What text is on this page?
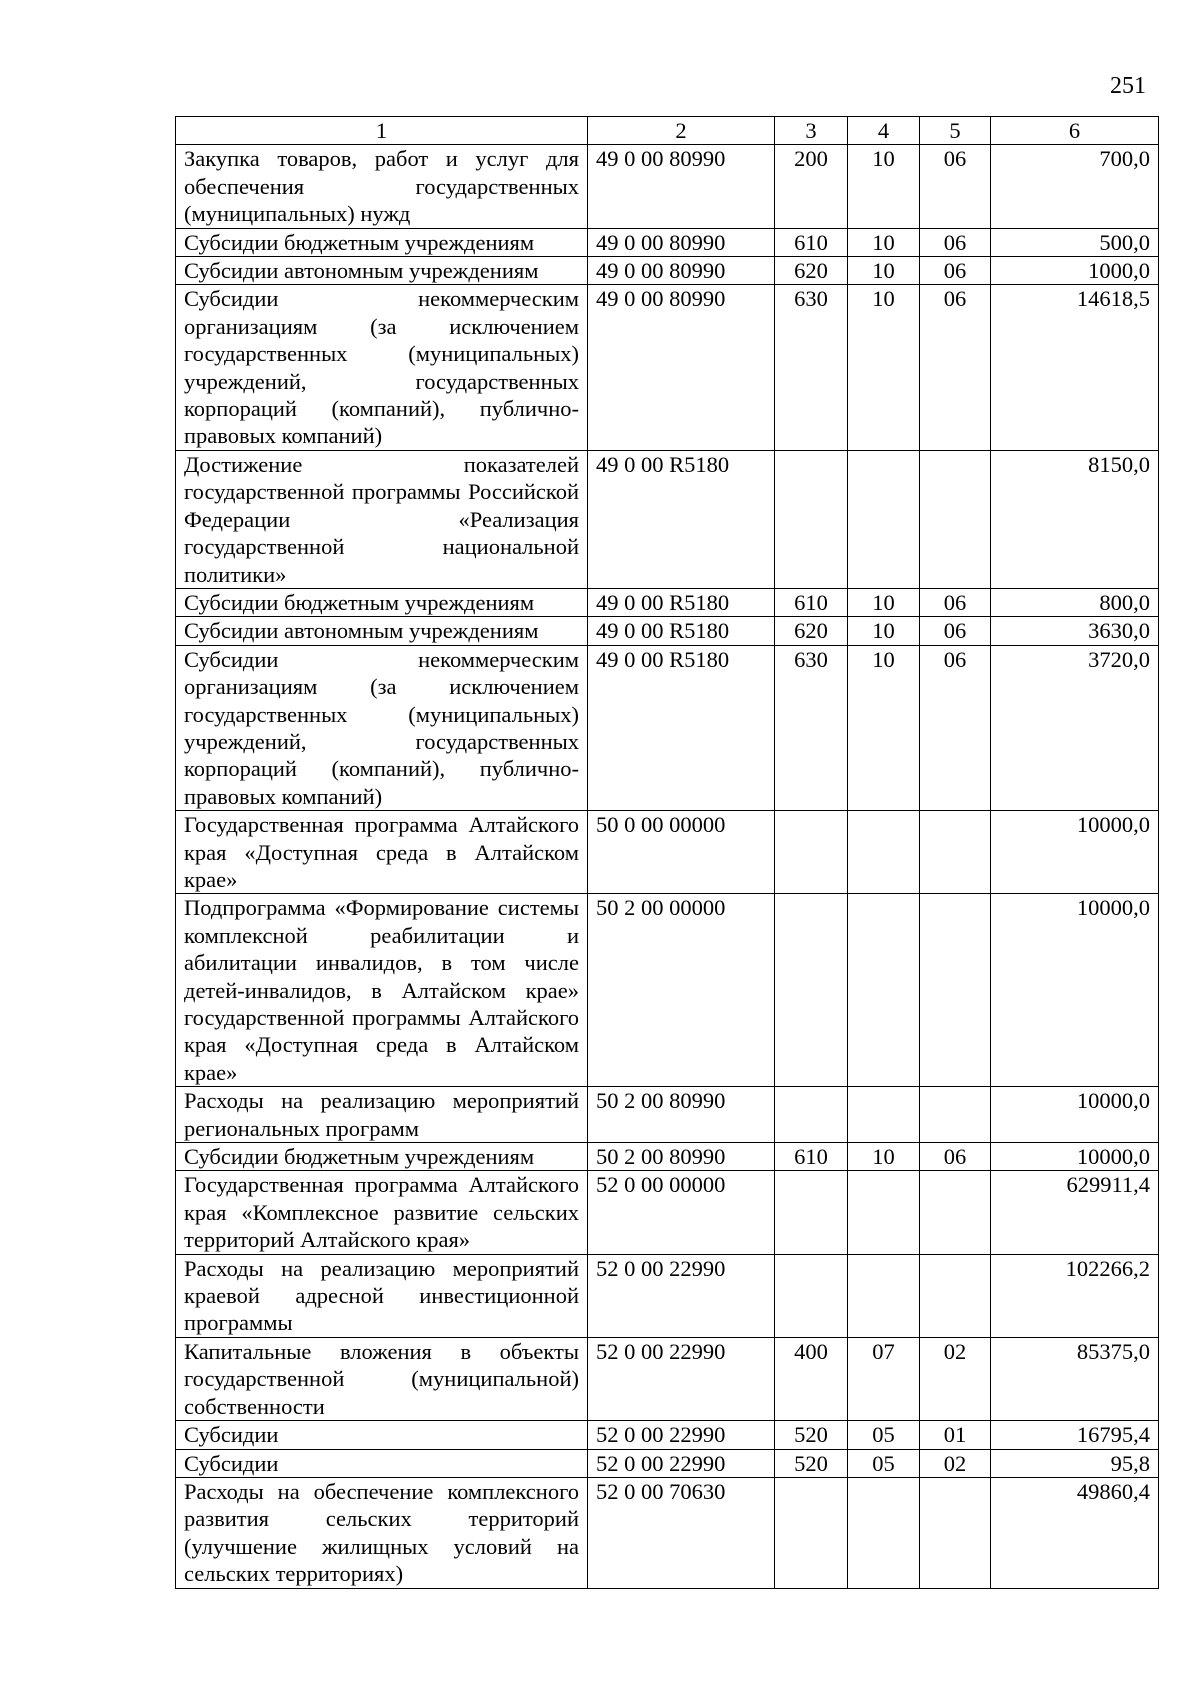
251
1	2	3	4	5	6
Закупка товаров, работ и услуг для обеспечения государственных (муниципальных) нужд	49 0 00 80990	200	10	06	700,0
Субсидии бюджетным учреждениям	49 0 00 80990	610	10	06	500,0
Субсидии автономным учреждениям	49 0 00 80990	620	10	06	1000,0
Субсидии некоммерческим организациям (за исключением государственных (муниципальных) учреждений, государственных корпораций (компаний), публично-правовых компаний)	49 0 00 80990	630	10	06	14618,5
Достижение показателей государственной программы Российской Федерации «Реализация государственной национальной политики»	49 0 00 R5180				8150,0
Субсидии бюджетным учреждениям	49 0 00 R5180	610	10	06	800,0
Субсидии автономным учреждениям	49 0 00 R5180	620	10	06	3630,0
Субсидии некоммерческим организациям (за исключением государственных (муниципальных) учреждений, государственных корпораций (компаний), публично-правовых компаний)	49 0 00 R5180	630	10	06	3720,0
Государственная программа Алтайского края «Доступная среда в Алтайском крае»	50 0 00 00000				10000,0
Подпрограмма «Формирование системы комплексной реабилитации и абилитации инвалидов, в том числе детей-инвалидов, в Алтайском крае» государственной программы Алтайского края «Доступная среда в Алтайском крае»	50 2 00 00000				10000,0
Расходы на реализацию мероприятий региональных программ	50 2 00 80990				10000,0
Субсидии бюджетным учреждениям	50 2 00 80990	610	10	06	10000,0
Государственная программа Алтайского края «Комплексное развитие сельских территорий Алтайского края»	52 0 00 00000				629911,4
Расходы на реализацию мероприятий краевой адресной инвестиционной программы	52 0 00 22990				102266,2
Капитальные вложения в объекты государственной (муниципальной) собственности	52 0 00 22990	400	07	02	85375,0
Субсидии	52 0 00 22990	520	05	01	16795,4
Субсидии	52 0 00 22990	520	05	02	95,8
Расходы на обеспечение комплексного развития сельских территорий (улучшение жилищных условий на сельских территориях)	52 0 00 70630				49860,4
